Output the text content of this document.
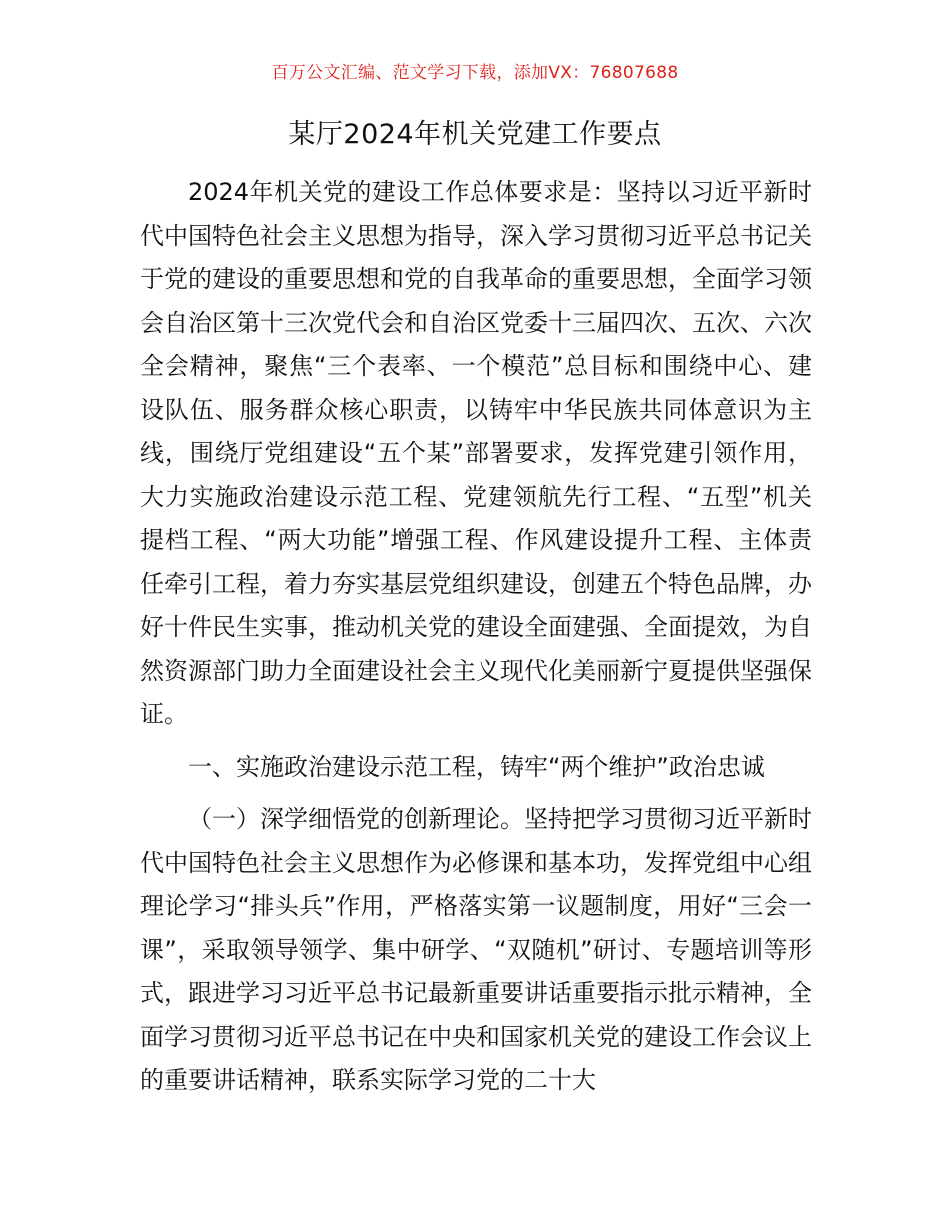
百万公文汇编、范文学习下载，添加VX：76807688
某厅2024年机关党建工作要点

2024年机关党的建设工作总体要求是：坚持以习近平新时代中国特色社会主义思想为指导，深入学习贯彻习近平总书记关于党的建设的重要思想和党的自我革命的重要思想，全面学习领会自治区第十三次党代会和自治区党委十三届四次、五次、六次全会精神，聚焦“三个表率、一个模范”总目标和围绕中心、建设队伍、服务群众核心职责，以铸牢中华民族共同体意识为主线，围绕厅党组建设“五个某”部署要求，发挥党建引领作用，大力实施政治建设示范工程、党建领航先行工程、“五型”机关提档工程、“两大功能”增强工程、作风建设提升工程、主体责任牵引工程，着力夯实基层党组织建设，创建五个特色品牌，办好十件民生实事，推动机关党的建设全面建强、全面提效，为自然资源部门助力全面建设社会主义现代化美丽新宁夏提供坚强保证。

一、实施政治建设示范工程，铸牢“两个维护”政治忠诚

（一）深学细悟党的创新理论。坚持把学习贯彻习近平新时代中国特色社会主义思想作为必修课和基本功，发挥党组中心组理论学习“排头兵”作用，严格落实第一议题制度，用好“三会一课”，采取领导领学、集中研学、“双随机”研讨、专题培训等形式，跟进学习习近平总书记最新重要讲话重要指示批示精神，全面学习贯彻习近平总书记在中央和国家机关党的建设工作会议上的重要讲话精神，联系实际学习党的二十大
